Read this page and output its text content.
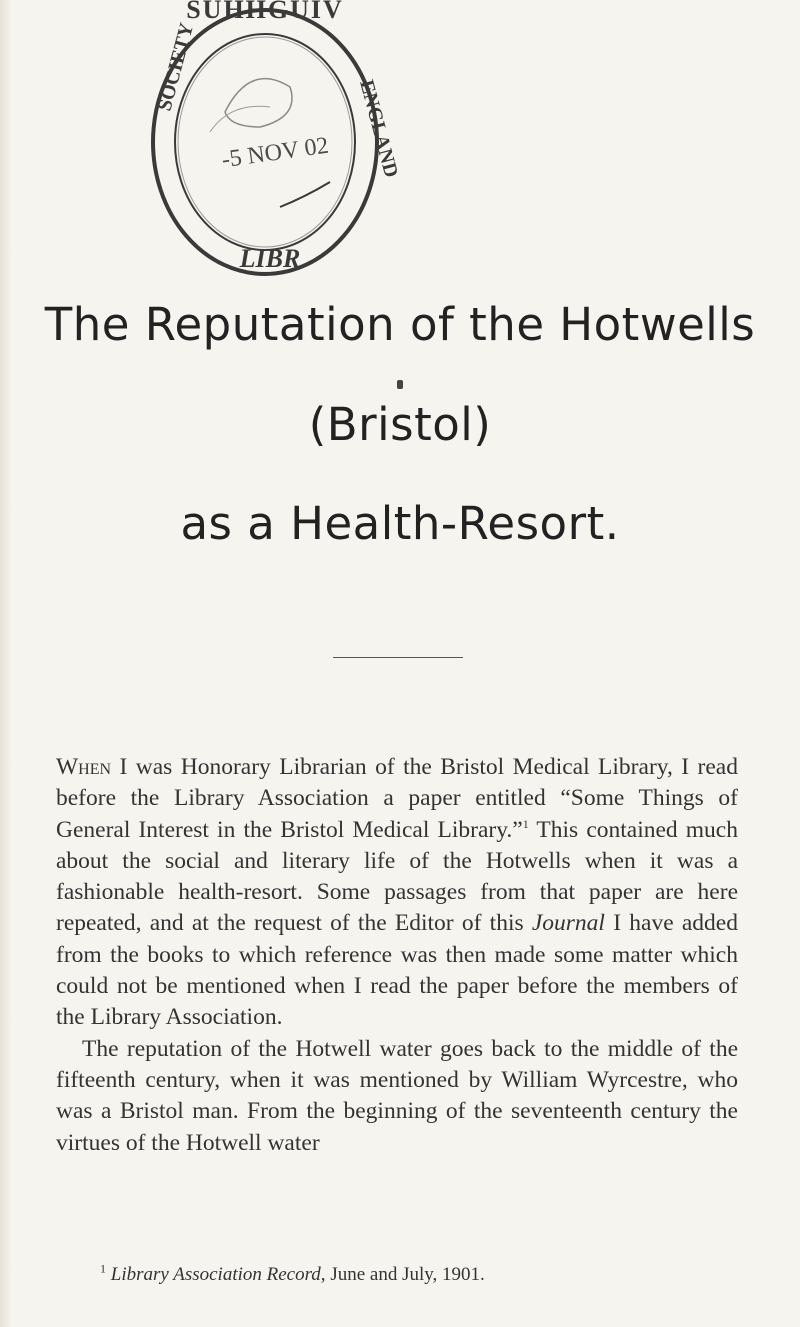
SUHHGUIV
-5 NOV 02
LIBR
SOCIETY
ENGLAND
The Reputation of the Hotwells
(Bristol)
as a Health-Resort.

When I was Honorary Librarian of the Bristol Medical Library, I read before the Library Association a paper entitled “Some Things of General Interest in the Bristol Medical Library.”$^1$ This contained much about the social and literary life of the Hotwells when it was a fashionable health-resort. Some passages from that paper are here repeated, and at the request of the Editor of this Journal I have added from the books to which reference was then made some matter which could not be mentioned when I read the paper before the members of the Library Association.

The reputation of the Hotwell water goes back to the middle of the fifteenth century, when it was mentioned by William Wyrcestre, who was a Bristol man. From the beginning of the seventeenth century the virtues of the Hotwell water

$^1$ Library Association Record, June and July, 1901.
